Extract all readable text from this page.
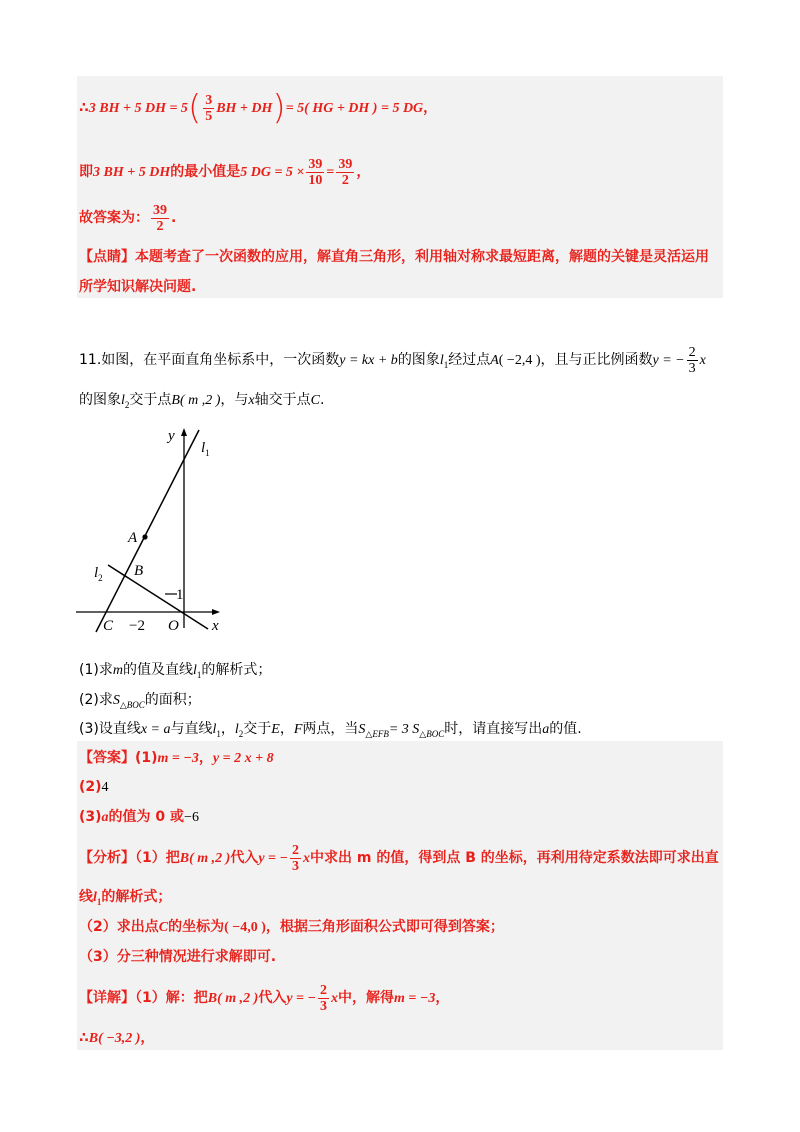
∴3 BH + 5 DH = $5( \frac{3}{5}$ BH + DH)= 5( HG + DH ) = 5 DG，
即3 BH + 5 DH的最小值是5 DG = $5 \times \frac{39}{10} = \frac{39}{2}$ ，
故答案为： $\frac{39}{2}$ .
【点睛】本题考查了一次函数的应用，解直角三角形，利用轴对称求最短距离，解题的关键是灵活运用
所学知识解决问题.
11.如图，在平面直角坐标系中，一次函数y = kx + b的图象$l_1$经过点A( −2,4 )，且与正比例函数y = − $\frac{2}{3}$ x
的图象$l_2$交于点B( m ,2 )，与x轴交于点C.
y
x
$l_1$
$l_2$
A
B
C	O
−2
1
(1)求m的值及直线$l_1$的解析式；
(2)求$S_{\triangle BOC}$的面积；
(3)设直线x = a与直线$l_1$，$l_2$交于E，F两点，当$S_{\triangle EFB}= 3$ $S_{\triangle BOC}$时，请直接写出a的值.
【答案】(1)m = −3，y = 2 x + 8
(2)4
(3)a的值为 0 或−6
【分析】（1）把B( m ,2 )代入y = − $\frac{2}{3}$ x中求出 m 的值，得到点 B 的坐标，再利用待定系数法即可求出直
线$l_1$的解析式；
（2）求出点C的坐标为( −4,0 )，根据三角形面积公式即可得到答案；
（3）分三种情况进行求解即可.
【详解】（1）解：把B( m ,2 )代入y = − $\frac{2}{3}$ x中，解得m = −3，
∴B( −3,2 )，
